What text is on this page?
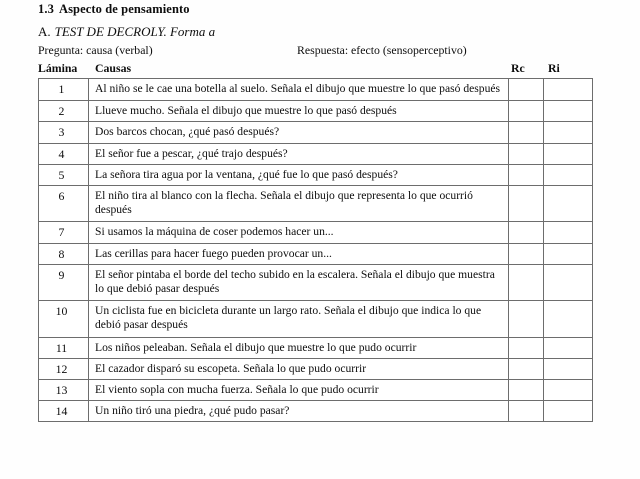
1.3 Aspecto de pensamiento
A. TEST DE DECROLY. Forma a
Pregunta: causa (verbal)	Respuesta: efecto (sensoperceptivo)
Lámina Causas	Rc Ri
1	Al niño se le cae una botella al suelo. Señala el dibujo que muestre lo que pasó después		

2	Llueve mucho. Señala el dibujo que muestre lo que pasó después		

3	Dos barcos chocan, ¿qué pasó después?		

4	El señor fue a pescar, ¿qué trajo después?		

5	La señora tira agua por la ventana, ¿qué fue lo que pasó después?		

6	El niño tira al blanco con la flecha. Señala el dibujo que representa lo que ocurrió después		

7	Si usamos la máquina de coser podemos hacer un...		

8	Las cerillas para hacer fuego pueden provocar un...		

9	El señor pintaba el borde del techo subido en la escalera. Señala el dibujo que muestra lo que debió pasar después		

10	Un ciclista fue en bicicleta durante un largo rato. Señala el dibujo que indica lo que debió pasar después		

11	Los niños peleaban. Señala el dibujo que muestre lo que pudo ocurrir		

12	El cazador disparó su escopeta. Señala lo que pudo ocurrir		

13	El viento sopla con mucha fuerza. Señala lo que pudo ocurrir		

14	Un niño tiró una piedra, ¿qué pudo pasar?		
